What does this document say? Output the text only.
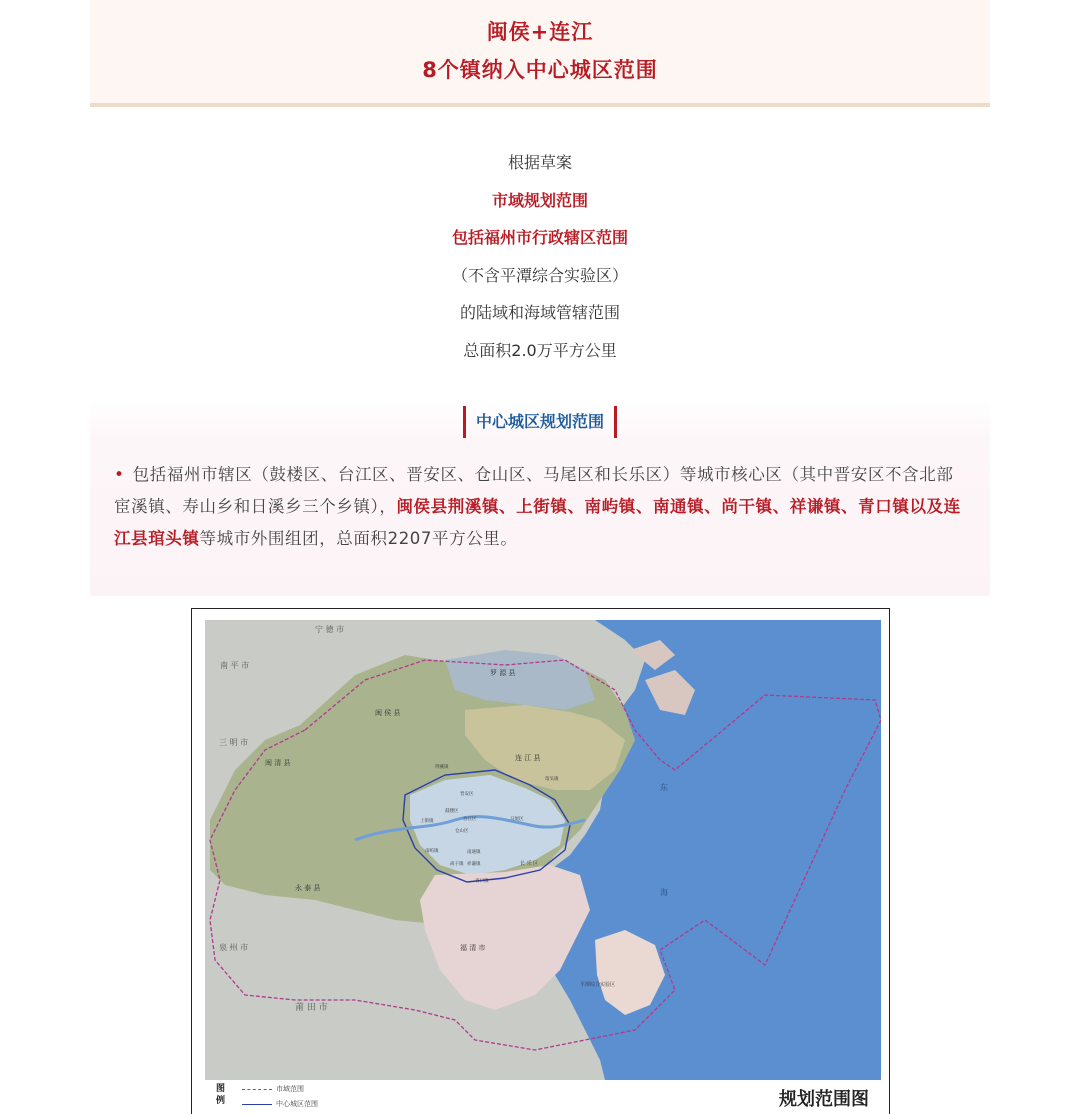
闽侯+连江
8个镇纳入中心城区范围
根据草案
市域规划范围
包括福州市行政辖区范围
（不含平潭综合实验区）
的陆域和海域管辖范围
总面积2.0万平方公里
中心城区规划范围
• 包括福州市辖区（鼓楼区、台江区、晋安区、仓山区、马尾区和长乐区）等城市核心区（其中晋安区不含北部宦溪镇、寿山乡和日溪乡三个乡镇），闽侯县荆溪镇、上街镇、南屿镇、南通镇、尚干镇、祥谦镇、青口镇以及连江县琯头镇等城市外围组团，总面积2207平方公里。
宁 德 市
南 平 市
三 明 市
泉 州 市
莆 田 市
罗 源 县
闽 侯 县
闽 清 县
连 江 县
永 泰 县
福 清 市
长 乐 区
平潭综合实验区
东
海
晋安区
鼓楼区
台江区
仓山区
马尾区
荆溪镇
上街镇
南屿镇	南通镇
尚干镇 祥谦镇
青口镇
琯头镇
图
例
市域范围
中心城区范围	规划范围图
